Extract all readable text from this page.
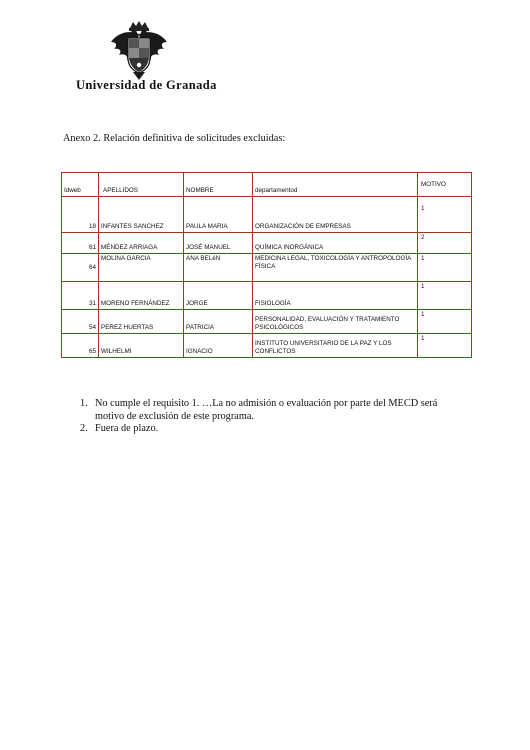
Universidad de Granada
Anexo 2. Relación definitiva de solicitudes excluidas:
Idweb	APELLIDOS	NOMBRE	departamentod	MOTIVO
18	INFANTES SANCHEZ	PAULA MARIA	ORGANIZACIÓN DE EMPRESAS	1
61	MÉNDEZ ARRIAGA	JOSÉ MANUEL	QUÍMICA INORGÁNICA	2
64	MOLINA GARCIA	ANA BELéN	MEDICINA LEGAL, TOXICOLOGÍA Y ANTROPOLOGÍA FÍSICA	1
31	MORENO FERNÁNDEZ	JORGE	FISIOLOGÍA	1
54	PEREZ HUERTAS	PATRICIA	PERSONALIDAD, EVALUACIÓN Y TRATAMIENTO PSICOLÓGICOS	1
65	WILHELMI	IGNACIO	INSTITUTO UNIVERSITARIO DE LA PAZ Y LOS CONFLICTOS	1
1. No cumple el requisito 1. …La no admisión o evaluación por parte del MECD será motivo de exclusión de este programa.
2. Fuera de plazo.
